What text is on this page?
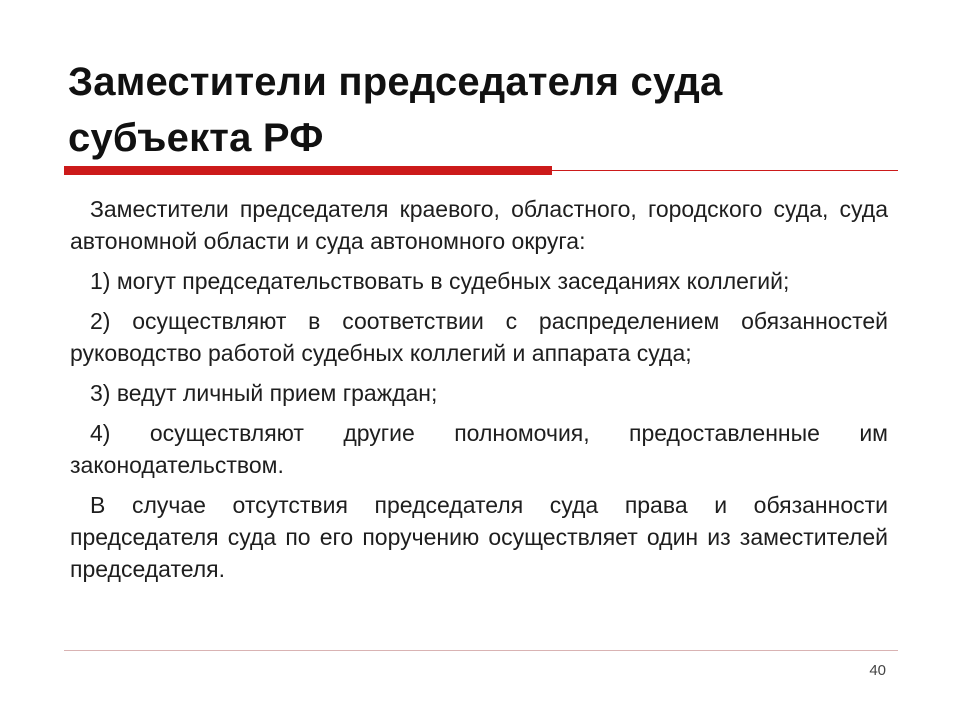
Заместители председателя суда субъекта РФ

Заместители председателя краевого, областного, городского суда, суда автономной области и суда автономного округа:

1) могут председательствовать в судебных заседаниях коллегий;

2) осуществляют в соответствии с распределением обязанностей руководство работой судебных коллегий и аппарата суда;

3) ведут личный прием граждан;

4) осуществляют другие полномочия, предоставленные им законодательством.

В случае отсутствия председателя суда права и обязанности председателя суда по его поручению осуществляет один из заместителей председателя.

40
